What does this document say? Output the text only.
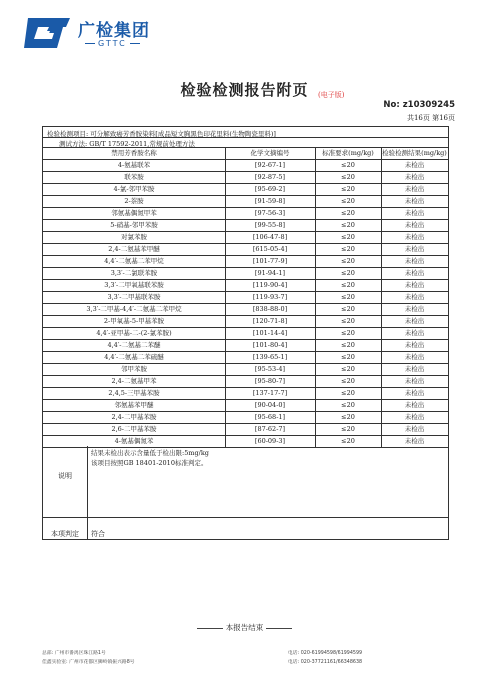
广检集团
GTTC
检验检测报告附页	(电子版)
No: z10309245
共16页 第16页
检验检测项目: 可分解致癌芳香胺染料[成品短文胸黑色印花里料(生物陶瓷里料)]
测试方法: GB/T 17592-2011,常规前处理方法
禁用芳香胺名称	化学文摘编号	标准要求(mg/kg)	检验检测结果(mg/kg)
4-氨基联苯	[92-67-1]	≤20	未检出
联苯胺	[92-87-5]	≤20	未检出
4-氯-邻甲苯胺	[95-69-2]	≤20	未检出
2-萘胺	[91-59-8]	≤20	未检出
邻氨基偶氮甲苯	[97-56-3]	≤20	未检出
5-硝基-邻甲苯胺	[99-55-8]	≤20	未检出
对氯苯胺	[106-47-8]	≤20	未检出
2,4-二氨基苯甲醚	[615-05-4]	≤20	未检出
4,4′-二氨基二苯甲烷	[101-77-9]	≤20	未检出
3,3′-二氯联苯胺	[91-94-1]	≤20	未检出
3,3′-二甲氧基联苯胺	[119-90-4]	≤20	未检出
3,3′-二甲基联苯胺	[119-93-7]	≤20	未检出
3,3′-二甲基-4,4′-二氨基二苯甲烷	[838-88-0]	≤20	未检出
2-甲氧基-5-甲基苯胺	[120-71-8]	≤20	未检出
4,4′-亚甲基-二-(2-氯苯胺)	[101-14-4]	≤20	未检出
4,4′-二氨基二苯醚	[101-80-4]	≤20	未检出
4,4′-二氨基二苯硫醚	[139-65-1]	≤20	未检出
邻甲苯胺	[95-53-4]	≤20	未检出
2,4-二氨基甲苯	[95-80-7]	≤20	未检出
2,4,5-三甲基苯胺	[137-17-7]	≤20	未检出
邻氨基苯甲醚	[90-04-0]	≤20	未检出
2,4-二甲基苯胺	[95-68-1]	≤20	未检出
2,6-二甲基苯胺	[87-62-7]	≤20	未检出
4-氨基偶氮苯	[60-09-3]	≤20	未检出
结果未检出表示含量低于检出限:5mg/kg
该项目按照GB 18401-2010标准判定。
说明
本项判定	符合
本报告结束
总部: 广州市番禺区珠江路1号
佳鑫实验室: 广州市花都区狮岭镇振兴路8号
电话: 020-61994598/61994599
电话: 020-37721161/66348638
